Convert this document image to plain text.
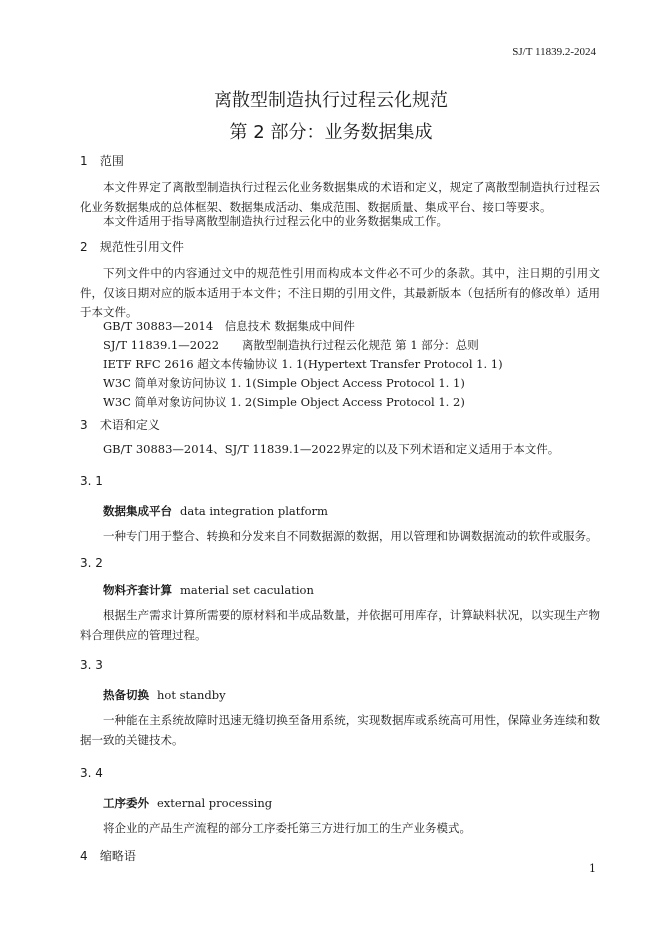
SJ/T 11839.2-2024
离散型制造执行过程云化规范
第 2 部分：业务数据集成
1 范围
本文件界定了离散型制造执行过程云化业务数据集成的术语和定义，规定了离散型制造执行过程云化业务数据集成的总体框架、数据集成活动、集成范围、数据质量、集成平台、接口等要求。
本文件适用于指导离散型制造执行过程云化中的业务数据集成工作。
2 规范性引用文件
下列文件中的内容通过文中的规范性引用而构成本文件必不可少的条款。其中，注日期的引用文件，仅该日期对应的版本适用于本文件；不注日期的引用文件，其最新版本（包括所有的修改单）适用于本文件。
GB/T 30883—2014　信息技术 数据集成中间件
SJ/T 11839.1—2022　　离散型制造执行过程云化规范 第 1 部分：总则
IETF RFC 2616 超文本传输协议 1. 1(Hypertext Transfer Protocol 1. 1)
W3C 简单对象访问协议 1. 1(Simple Object Access Protocol 1. 1)
W3C 简单对象访问协议 1. 2(Simple Object Access Protocol 1. 2)
3 术语和定义
GB/T 30883—2014、SJ/T 11839.1—2022界定的以及下列术语和定义适用于本文件。
3. 1
数据集成平台 data integration platform
一种专门用于整合、转换和分发来自不同数据源的数据，用以管理和协调数据流动的软件或服务。
3. 2
物料齐套计算 material set caculation
根据生产需求计算所需要的原材料和半成品数量，并依据可用库存，计算缺料状况，以实现生产物料合理供应的管理过程。
3. 3
热备切换 hot standby
一种能在主系统故障时迅速无缝切换至备用系统，实现数据库或系统高可用性，保障业务连续和数据一致的关键技术。
3. 4
工序委外 external processing
将企业的产品生产流程的部分工序委托第三方进行加工的生产业务模式。
4 缩略语
1
